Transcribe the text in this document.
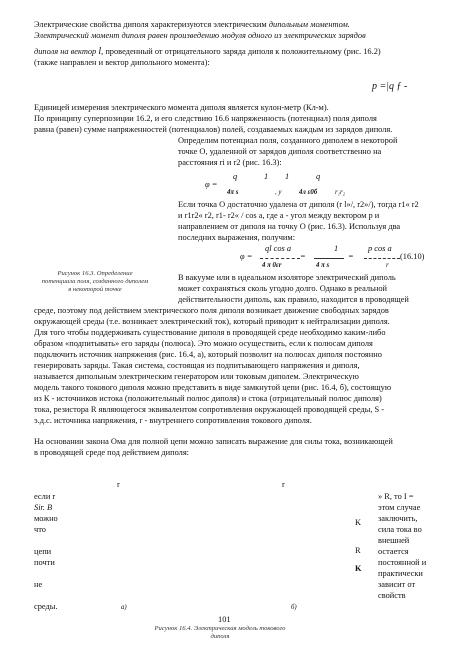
Электрические свойства диполя характеризуются электрическим дипольным моментом.
Электрический момент диполя равен произведению модуля одного из электрических зарядов
диполя на вектор l, проведенный от отрицательного заряда диполя к положительному (рис. 16.2)
(также направлен и вектор дипольного момента):
p =|q ƒ -
Единицей измерения электрического момента диполя является кулон-метр (Кл-м).
По принципу суперпозиции 16.2, и его следствию 16.6 напряженность (потенциал) поля диполя
равна (равен) сумме напряженностей (потенциалов) полей, создаваемых каждым из зарядов диполя.
Определим потенциал поля, созданного диполем в некоторой
точке О, удаленной от зарядов диполя соответственно на
расстояния ri и r2 (рис. 16.3):
q	1 1	q
φ =
4π s	, у	4л ε0б	r₁r₂
Если точка О достаточно удалена от диполя (r l»/, r2»/), тогда r1« r2
и r1r2« r2, r1- r2« / cos a, где a - угол между вектором p и
направлением от диполя на точку О (рис. 16.3). Используя два
последних выражения, получим:
ql cos a	1	p cos a
φ =	=	=
4 π 0εr	4 π s	r
(16.10)
Рисунок 16.3. Определение
потенциала поля, созданного диполем
в некоторой точке
В вакууме или в идеальном изоляторе электрический диполь
может сохраняться сколь угодно долго. Однако в реальной
действительности диполь, как правило, находится в проводящей
среде, поэтому под действием электрического поля диполя возникает движение свободных зарядов
окружающей среды (т.е. возникает электрический ток), который приводит к нейтрализации диполя.
Для того чтобы поддерживать существование диполя в проводящей среде необходимо каким-либо
образом «подпитывать» его заряды (полюса). Это можно осуществить, если к полюсам диполя
подключить источник напряжения (рис. 16.4, а), который позволит на полюсах диполя постоянно
генерировать заряды. Такая система, состоящая из подпитывающего напряжения и диполя,
называется дипольным электрическим генератором или токовым диполем. Электрическую
модель такого токового диполя можно представить в виде замкнутой цепи (рис. 16.4, б), состоящую
из К - источников истока (положительный полюс диполя) и стока (отрицательный полюс диполя)
тока, резистора R являющегося эквивалентом сопротивления окружающей проводящей среды, Ѕ -
э.д.с. источника напряжения, r - внутреннего сопротивления токового диполя.
На основании закона Ома для полной цепи можно записать выражение для силы тока, возникающей
в проводящей среде под действием диполя:
r	r
если r
Ѕir. В
можно
что
цепи
почти
не
среды.
K
R
K
» R, то I =
этом случае
заключить,
сила тока во
внешней
остается
постоянной и
практически
зависит от
свойств
а)	б)
101
Рисунок 16.4. Электрическая модель токового
диполя
